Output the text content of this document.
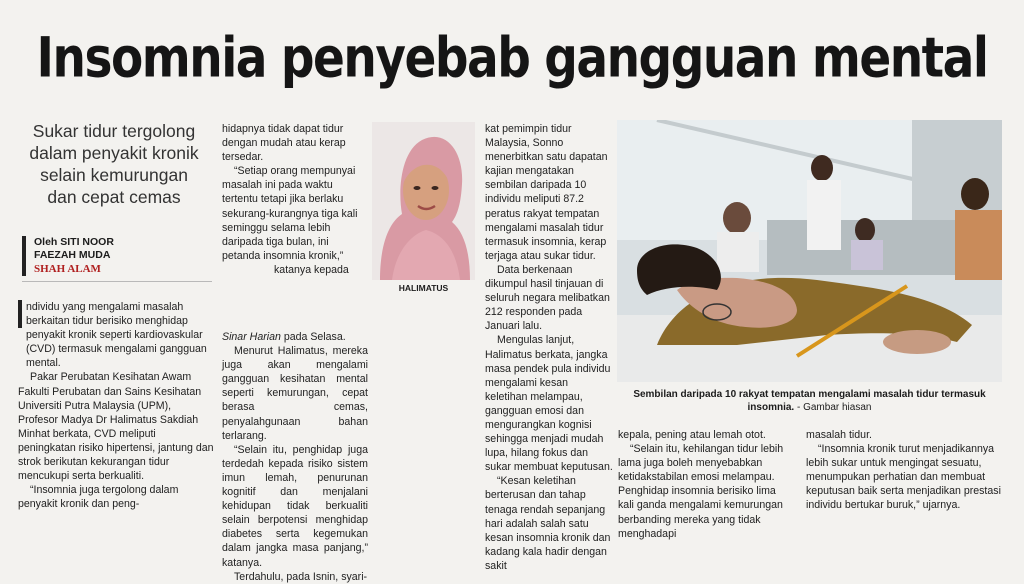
Insomnia penyebab gangguan mental
Sukar tidur tergolong
dalam penyakit kronik
selain kemurungan
dan cepat cemas
Oleh SITI NOOR
FAEZAH MUDA
SHAH ALAM
HALIMATUS
Sembilan daripada 10 rakyat tempatan mengalami masalah tidur termasuk insomnia. - Gambar hiasan

ndividu yang mengalami masalah berkaitan tidur berisiko menghidap penyakit kronik seperti kardiovaskular (CVD) termasuk mengalami gangguan mental.

Pakar Perubatan Kesihatan Awam Fakulti Perubatan dan Sains Kesihatan Universiti Putra Malaysia (UPM), Profesor Madya Dr Halimatus Sakdiah Minhat berkata, CVD meliputi peningkatan risiko hipertensi, jantung dan strok berikutan kekurangan tidur mencukupi serta berkualiti.

“Insomnia juga tergolong dalam penyakit kronik dan peng-

hidapnya tidak dapat tidur dengan mudah atau kerap tersedar.

“Setiap orang mempunyai masalah ini pada waktu tertentu tetapi jika berlaku sekurang-kurangnya tiga kali seminggu selama lebih daripada tiga bulan, ini petanda insomnia kronik,”

katanya kepada

Sinar Harian pada Selasa.

Menurut Halimatus, mereka juga akan mengalami gangguan kesihatan mental seperti kemurungan, cepat berasa cemas, penyalahgunaan bahan terlarang.

“Selain itu, penghidap juga terdedah kepada risiko sistem imun lemah, penurunan kognitif dan menjalani kehidupan tidak berkualiti selain berpotensi menghidap diabetes serta kegemukan dalam jangka masa panjang,” katanya.

Terdahulu, pada Isnin, syari-

kat pemimpin tidur Malaysia, Sonno menerbitkan satu dapatan kajian mengatakan sembilan daripada 10 individu meliputi 87.2 peratus rakyat tempatan mengalami masalah tidur termasuk insomnia, kerap terjaga atau sukar tidur.

Data berkenaan dikumpul hasil tinjauan di seluruh negara melibatkan 212 responden pada Januari lalu.

Mengulas lanjut, Halimatus berkata, jangka masa pendek pula individu mengalami kesan keletihan melampau, gangguan emosi dan mengurangkan kognisi sehingga menjadi mudah lupa, hilang fokus dan sukar membuat keputusan.

“Kesan keletihan berterusan dan tahap tenaga rendah sepanjang hari adalah salah satu kesan insomnia kronik dan kadang kala hadir dengan sakit

kepala, pening atau lemah otot.

“Selain itu, kehilangan tidur lebih lama juga boleh menyebabkan ketidakstabilan emosi melampau. Penghidap insomnia berisiko lima kali ganda mengalami kemurungan berbanding mereka yang tidak menghadapi

masalah tidur.

“Insomnia kronik turut menjadikannya lebih sukar untuk mengingat sesuatu, menumpukan perhatian dan membuat keputusan baik serta menjadikan prestasi individu bertukar buruk,” ujarnya.
